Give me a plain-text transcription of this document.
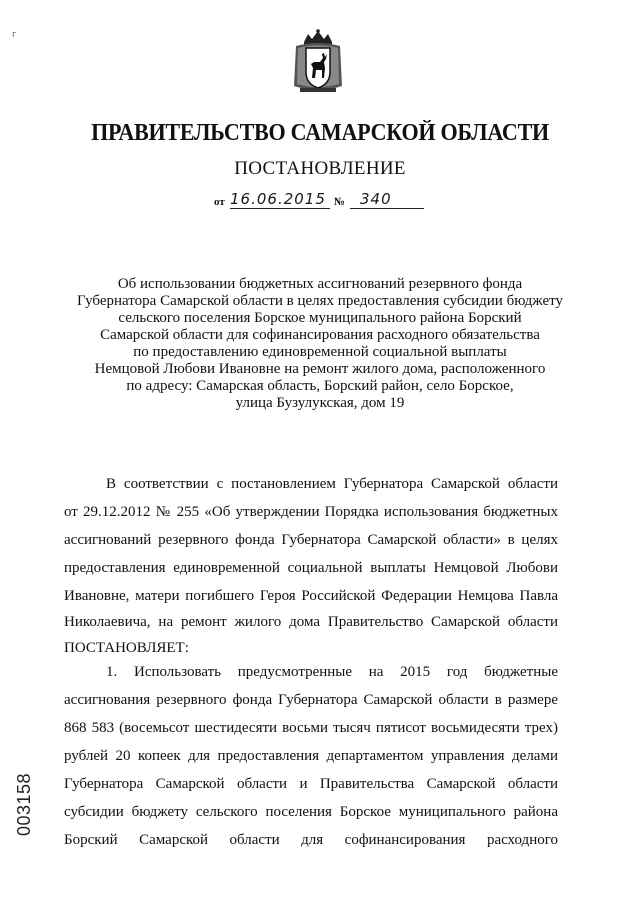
г
ПРАВИТЕЛЬСТВО САМАРСКОЙ ОБЛАСТИ
ПОСТАНОВЛЕНИЕ
от 16.06.2015 № 340
Об использовании бюджетных ассигнований резервного фонда
Губернатора Самарской области в целях предоставления субсидии бюджету
сельского поселения Борское муниципального района Борский
Самарской области для софинансирования расходного обязательства
по предоставлению единовременной социальной выплаты
Немцовой Любови Ивановне на ремонт жилого дома, расположенного
по адресу: Самарская область, Борский район, село Борское,
улица Бузулукская, дом 19
В соответствии с постановлением Губернатора Самарской области
от 29.12.2012 № 255 «Об утверждении Порядка использования бюджетных
ассигнований резервного фонда Губернатора Самарской области» в целях
предоставления единовременной социальной выплаты Немцовой Любови
Ивановне, матери погибшего Героя Российской Федерации Немцова Павла
Николаевича, на ремонт жилого дома Правительство Самарской области
ПОСТАНОВЛЯЕТ:
1. Использовать предусмотренные на 2015 год бюджетные
ассигнования резервного фонда Губернатора Самарской области в размере
868 583 (восемьсот шестидесяти восьми тысяч пятисот восьмидесяти трех)
рублей 20 копеек для предоставления департаментом управления делами
Губернатора Самарской области и Правительства Самарской области
субсидии бюджету сельского поселения Борское муниципального района
Борский Самарской области для софинансирования расходного
003158
